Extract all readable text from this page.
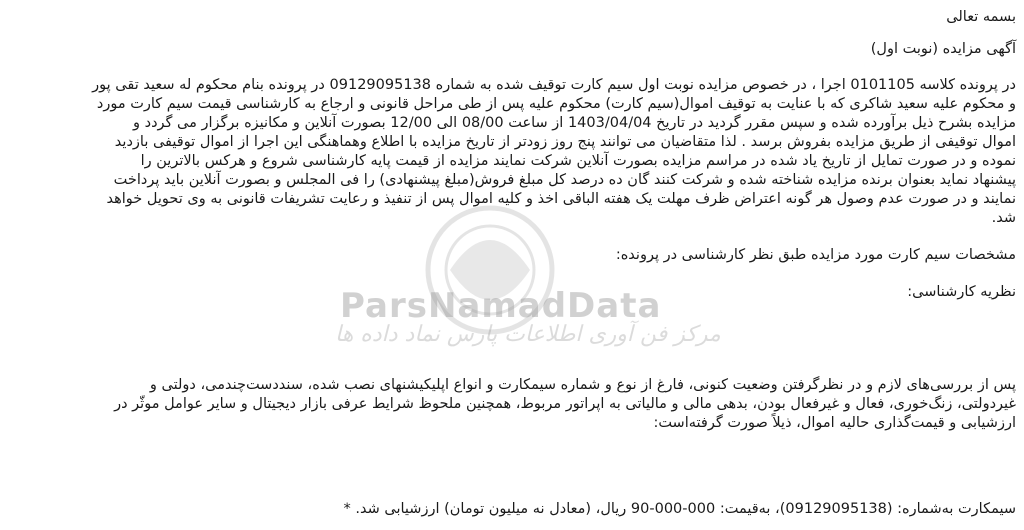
ParsNamadData
مرکز فن آوری اطلاعات پارس نماد داده ها
بسمه تعالی
آگهی مزایده (نوبت اول)
در پرونده کلاسه 0101105 اجرا ، در خصوص مزایده نوبت اول سیم کارت توقیف شده به شماره 09129095138 در پرونده بنام محکوم له سعید تقی پور
و محکوم علیه سعید شاکری که با عنایت به توقیف اموال(سیم کارت) محکوم علیه پس از طی مراحل قانونی و ارجاع به کارشناسی قیمت سیم کارت مورد
مزایده بشرح ذیل برآورده شده و سپس مقرر گردید در تاریخ 1403/04/04 از ساعت 08/00 الی 12/00 بصورت آنلاین و مکانیزه برگزار می گردد و
اموال توقیفی از طریق مزایده بفروش برسد . لذا متقاضیان می توانند پنج روز زودتر از تاریخ مزایده با اطلاع وهماهنگی این اجرا از اموال توقیفی بازدید
نموده و در صورت تمایل از تاریخ یاد شده در مراسم مزایده بصورت آنلاین شرکت نمایند مزایده از قیمت پایه کارشناسی شروع و هرکس بالاترین را
پیشنهاد نماید بعنوان برنده مزایده شناخته شده و شرکت کنند گان ده درصد کل مبلغ فروش(مبلغ پیشنهادی) را فی المجلس و بصورت آنلاین باید پرداخت
نمایند و در صورت عدم وصول هر گونه اعتراض ظرف مهلت یک هفته الباقی اخذ و کلیه اموال پس از تنفیذ و رعایت تشریفات قانونی به وی تحویل خواهد
شد.
مشخصات سیم کارت مورد مزایده طبق نظر کارشناسی در پرونده:
نظریه کارشناسی:
پس از بررسی‌های لازم و در نظرگرفتن وضعیت کنونی، فارغ از نوع و شماره سیمکارت و انواع اپلیکیشنهای نصب شده، سنددست‌چندمی، دولتی و
غیردولتی، زنگ‌خوری، فعال و غیرفعال بودن، بدهی مالی و مالیاتی به اپراتور مربوط، همچنین ملحوظ شرایط عرفی بازار دیجیتال و سایر عوامل موثّر در
ارزشیابی و قیمت‌گذاری حالیه اموال، ذیلاً صورت گرفته‌است:
سیمکارت به‌شماره: (09129095138)، به‌قیمت: 000-000-90 ریال، (معادل نه میلیون تومان) ارزشیابی شد. *
